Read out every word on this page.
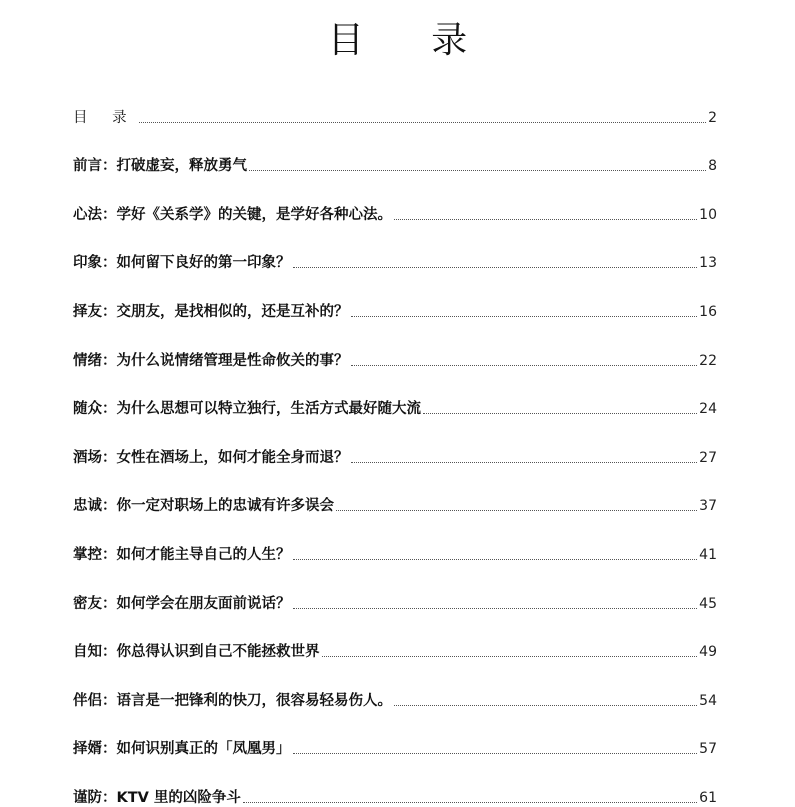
目 录
目 录	2
前言：打破虚妄，释放勇气	8
心法：学好《关系学》的关键，是学好各种心法。	10
印象：如何留下良好的第一印象？	13
择友：交朋友，是找相似的，还是互补的？	16
情绪：为什么说情绪管理是性命攸关的事？	22
随众：为什么思想可以特立独行，生活方式最好随大流	24
酒场：女性在酒场上，如何才能全身而退？	27
忠诚：你一定对职场上的忠诚有许多误会	37
掌控：如何才能主导自己的人生？	41
密友：如何学会在朋友面前说话？	45
自知：你总得认识到自己不能拯救世界	49
伴侣：语言是一把锋利的快刀，很容易轻易伤人。	54
择婿：如何识别真正的「凤凰男」	57
谨防：KTV 里的凶险争斗	61
